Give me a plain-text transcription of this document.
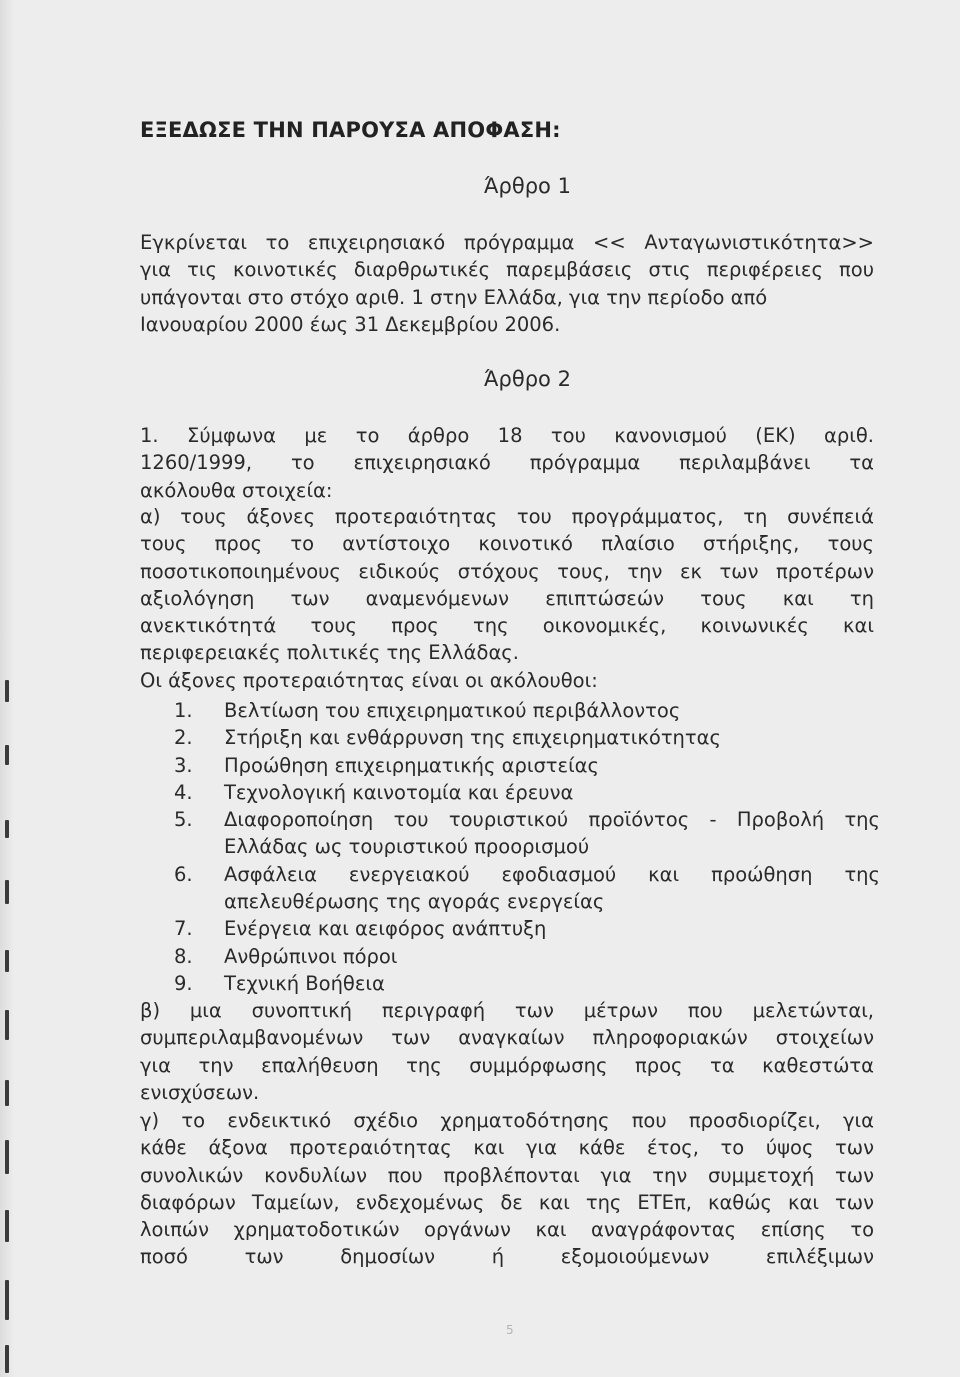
ΕΞΕΔΩΣΕ ΤΗΝ ΠΑΡΟΥΣΑ ΑΠΟΦΑΣΗ:
Άρθρο 1
Εγκρίνεται το επιχειρησιακό πρόγραμμα << Ανταγωνιστικότητα>>
για τις κοινοτικές διαρθρωτικές παρεμβάσεις στις περιφέρειες που
υπάγονται στο στόχο αριθ. 1 στην Ελλάδα, για την περίοδο από
Ιανουαρίου 2000 έως 31 Δεκεμβρίου 2006.
Άρθρο 2
1. Σύμφωνα με το άρθρο 18 του κανονισμού (ΕΚ) αριθ.
1260/1999, το επιχειρησιακό πρόγραμμα περιλαμβάνει τα
ακόλουθα στοιχεία:
α) τους άξονες προτεραιότητας του προγράμματος, τη συνέπειά
τους προς το αντίστοιχο κοινοτικό πλαίσιο στήριξης, τους
ποσοτικοποιημένους ειδικούς στόχους τους, την εκ των προτέρων
αξιολόγηση των αναμενόμενων επιπτώσεών τους και τη
ανεκτικότητά τους προς της οικονομικές, κοινωνικές και
περιφερειακές πολιτικές της Ελλάδας.
Οι άξονες προτεραιότητας είναι οι ακόλουθοι:
1.	Βελτίωση του επιχειρηματικού περιβάλλοντος
2.	Στήριξη και ενθάρρυνση της επιχειρηματικότητας
3.	Προώθηση επιχειρηματικής αριστείας
4.	Τεχνολογική καινοτομία και έρευνα
5.	Διαφοροποίηση του τουριστικού προϊόντος - Προβολή της
Ελλάδας ως τουριστικού προορισμού
6.	Ασφάλεια ενεργειακού εφοδιασμού και προώθηση της
απελευθέρωσης της αγοράς ενεργείας
7.	Ενέργεια και αειφόρος ανάπτυξη
8.	Ανθρώπινοι πόροι
9.	Τεχνική Βοήθεια
β) μια συνοπτική περιγραφή των μέτρων που μελετώνται,
συμπεριλαμβανομένων των αναγκαίων πληροφοριακών στοιχείων
για την επαλήθευση της συμμόρφωσης προς τα καθεστώτα
ενισχύσεων.
γ) το ενδεικτικό σχέδιο χρηματοδότησης που προσδιορίζει, για
κάθε άξονα προτεραιότητας και για κάθε έτος, το ύψος των
συνολικών κονδυλίων που προβλέπονται για την συμμετοχή των
διαφόρων Ταμείων, ενδεχομένως δε και της ΕΤΕπ, καθώς και των
λοιπών χρηματοδοτικών οργάνων και αναγράφοντας επίσης το
ποσό των δημοσίων ή εξομοιούμενων επιλέξιμων
5
